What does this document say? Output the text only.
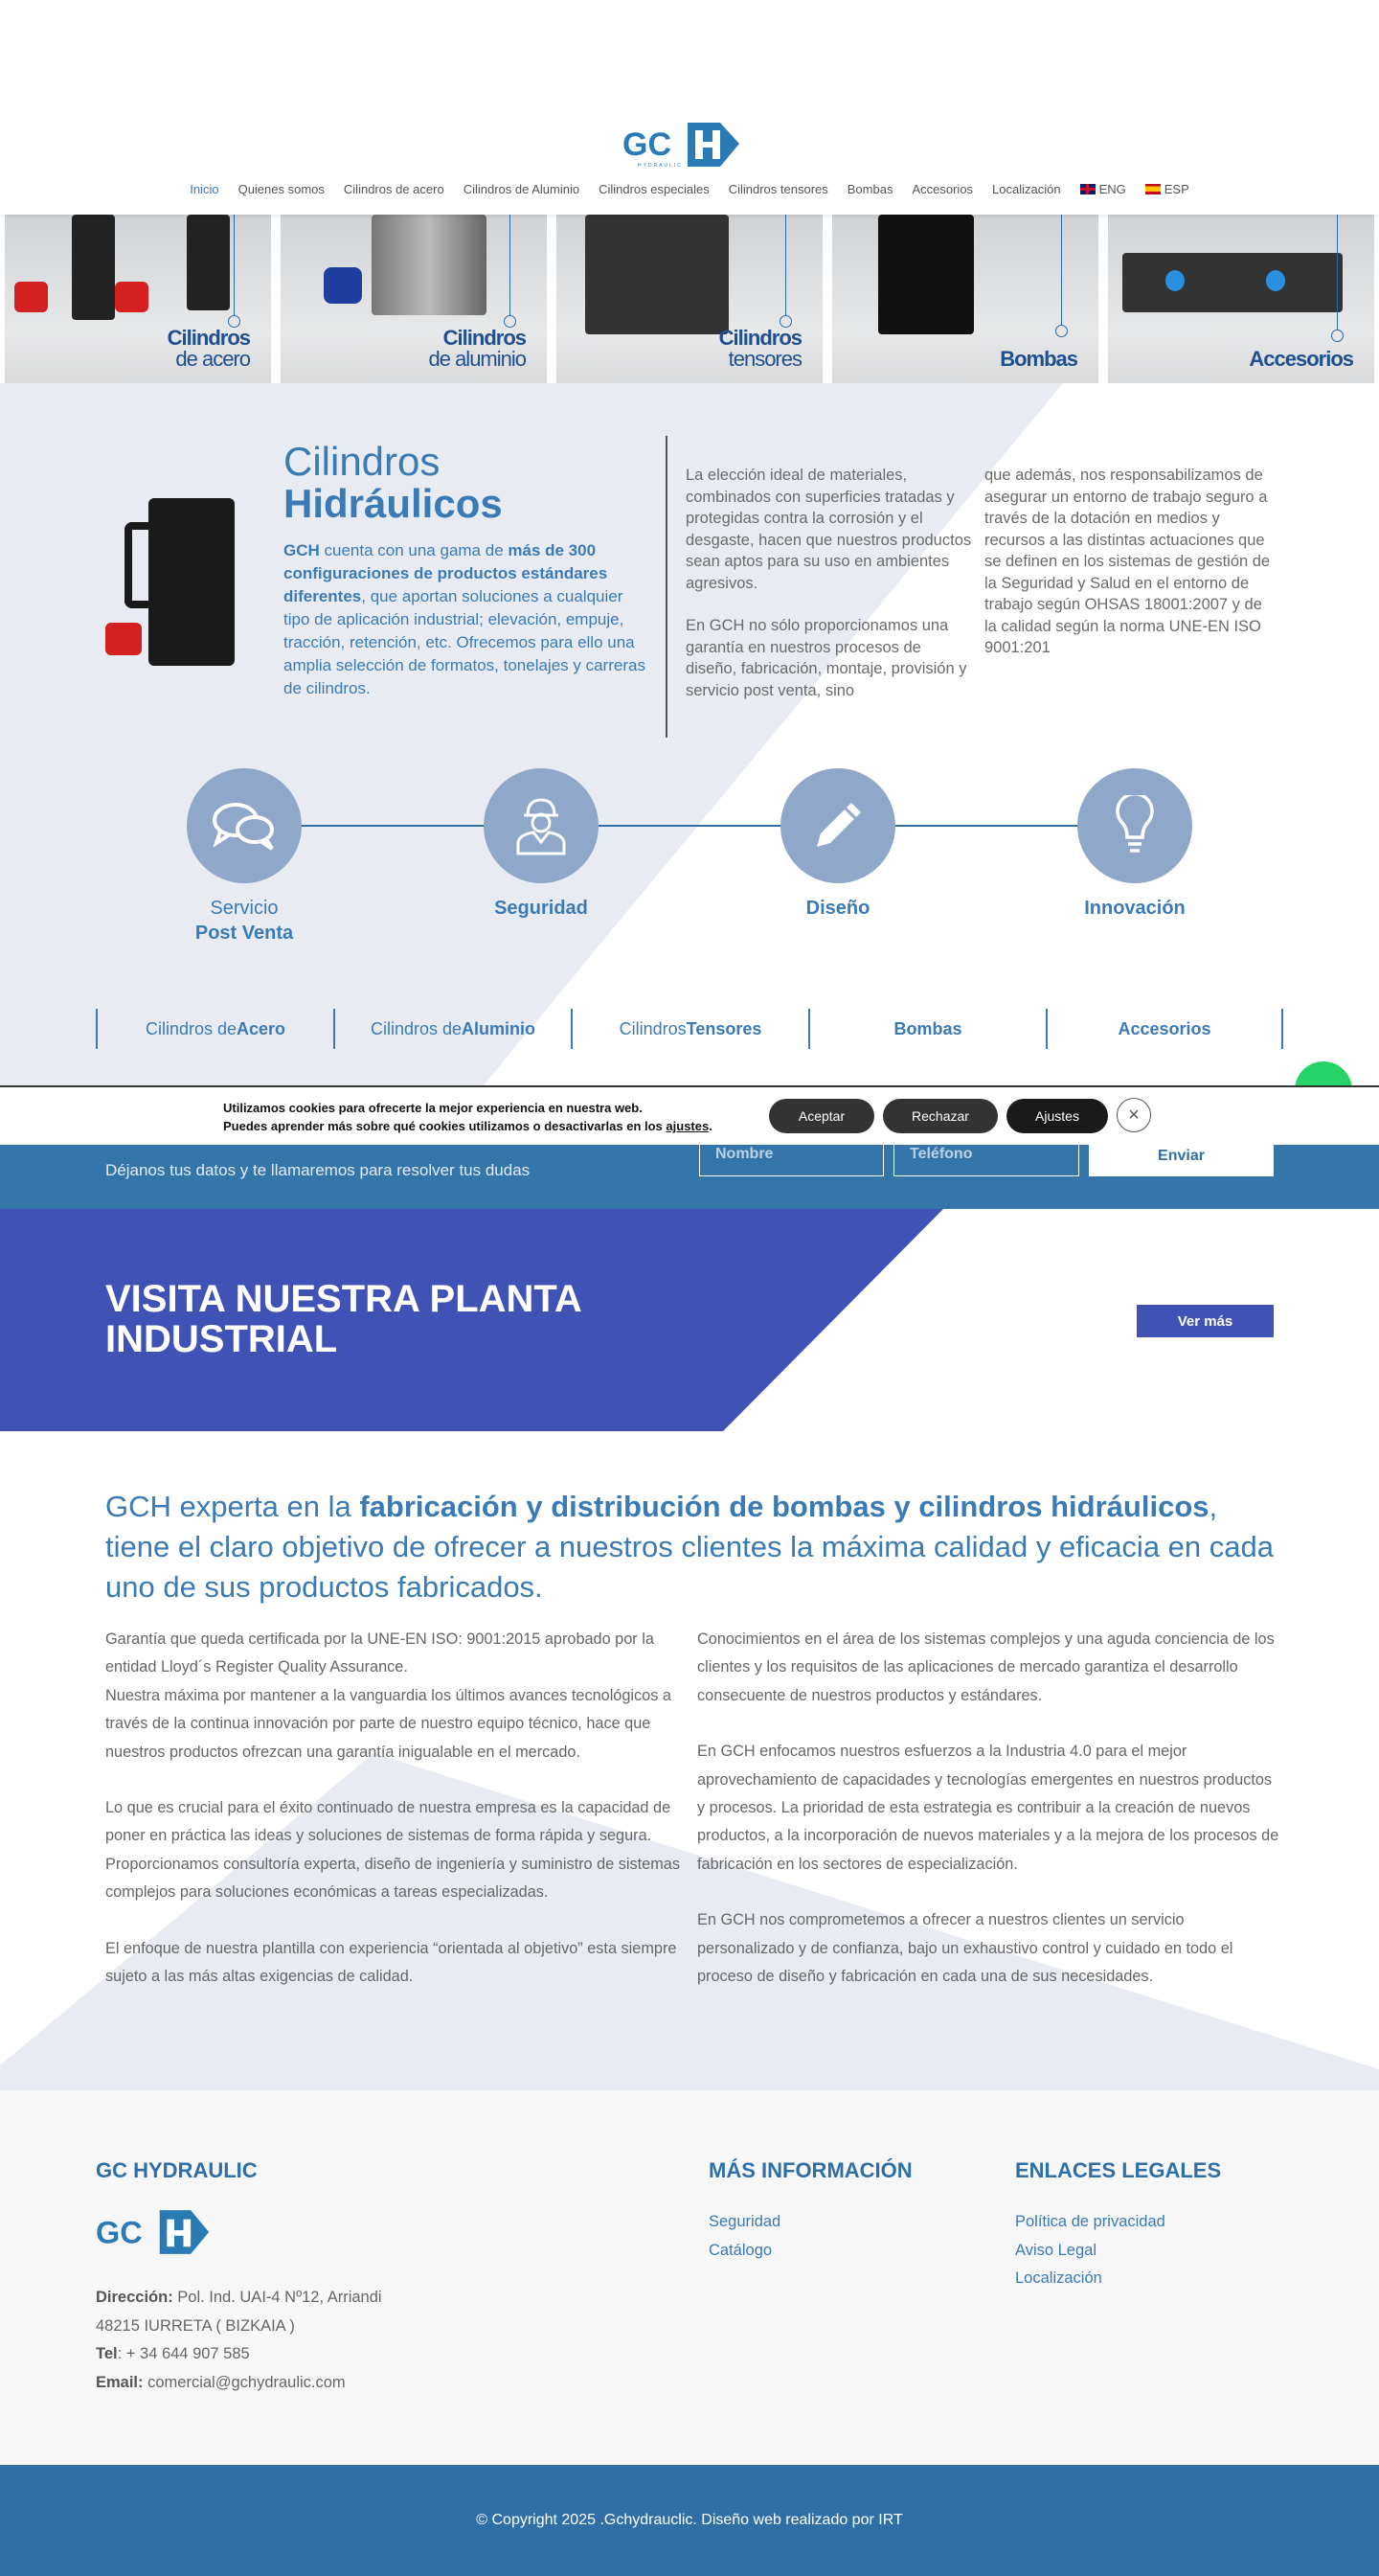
GC
HYDRAULIC
Inicio Quienes somos Cilindros de acero Cilindros de Aluminio Cilindros especiales Cilindros tensores Bombas Accesorios Localización	ENG	ESP
Cilindros
de acero
Cilindros
de aluminio
Cilindros
tensores	Bombas	Accesorios
Cilindros
Hidráulicos

GCH cuenta con una gama de más de 300 configuraciones de productos estándares diferentes, que aportan soluciones a cualquier tipo de aplicación industrial; elevación, empuje, tracción, retención, etc. Ofrecemos para ello una amplia selección de formatos, tonelajes y carreras de cilindros.

La elección ideal de materiales, combinados con superficies tratadas y protegidas contra la corrosión y el desgaste, hacen que nuestros productos sean aptos para su uso en ambientes agresivos.

En GCH no sólo proporcionamos una garantía en nuestros procesos de diseño, fabricación, montaje, provisión y servicio post venta, sino

que además, nos responsabilizamos de asegurar un entorno de trabajo seguro a través de la dotación en medios y recursos a las distintas actuaciones que se definen en los sistemas de gestión de la Seguridad y Salud en el entorno de trabajo según OHSAS 18001:2007 y de la calidad según la norma UNE-EN ISO 9001:201

Servicio
Post Venta
Seguridad	Diseño	Innovación
Cilindros de Acero	Cilindros de Aluminio	Cilindros Tensores	Bombas	Accesorios
Déjanos tus datos y te llamaremos para resolver tus dudas
Nombre	Teléfono	Enviar
Utilizamos cookies para ofrecerte la mejor experiencia en nuestra web.
Puedes aprender más sobre qué cookies utilizamos o desactivarlas en los ajustes.
Aceptar	Rechazar	Ajustes	×
VISITA NUESTRA PLANTA
INDUSTRIAL	Ver más
GCH experta en la fabricación y distribución de bombas y cilindros hidráulicos, tiene el claro objetivo de ofrecer a nuestros clientes la máxima calidad y eficacia en cada uno de sus productos fabricados.

Garantía que queda certificada por la UNE-EN ISO: 9001:2015 aprobado por la entidad Lloyd´s Register Quality Assurance.

Nuestra máxima por mantener a la vanguardia los últimos avances tecnológicos a través de la continua innovación por parte de nuestro equipo técnico, hace que nuestros productos ofrezcan una garantía inigualable en el mercado.

Lo que es crucial para el éxito continuado de nuestra empresa es la capacidad de poner en práctica las ideas y soluciones de sistemas de forma rápida y segura. Proporcionamos consultoría experta, diseño de ingeniería y suministro de sistemas complejos para soluciones económicas a tareas especializadas.

El enfoque de nuestra plantilla con experiencia “orientada al objetivo” esta siempre sujeto a las más altas exigencias de calidad.

Conocimientos en el área de los sistemas complejos y una aguda conciencia de los clientes y los requisitos de las aplicaciones de mercado garantiza el desarrollo consecuente de nuestros productos y estándares.

En GCH enfocamos nuestros esfuerzos a la Industria 4.0 para el mejor aprovechamiento de capacidades y tecnologías emergentes en nuestros productos y procesos. La prioridad de esta estrategia es contribuir a la creación de nuevos productos, a la incorporación de nuevos materiales y a la mejora de los procesos de fabricación en los sectores de especialización.

En GCH nos comprometemos a ofrecer a nuestros clientes un servicio personalizado y de confianza, bajo un exhaustivo control y cuidado en todo el proceso de diseño y fabricación en cada una de sus necesidades.

GC HYDRAULIC
GC
Dirección: Pol. Ind. UAI-4 Nº12, Arriandi
48215 IURRETA ( BIZKAIA )
Tel: + 34 644 907 585
Email: comercial@gchydraulic.com
MÁS INFORMACIÓN
Seguridad
Catálogo
ENLACES LEGALES
Política de privacidad
Aviso Legal
Localización
© Copyright 2025 .Gchydrauclic. Diseño web realizado por IRT
